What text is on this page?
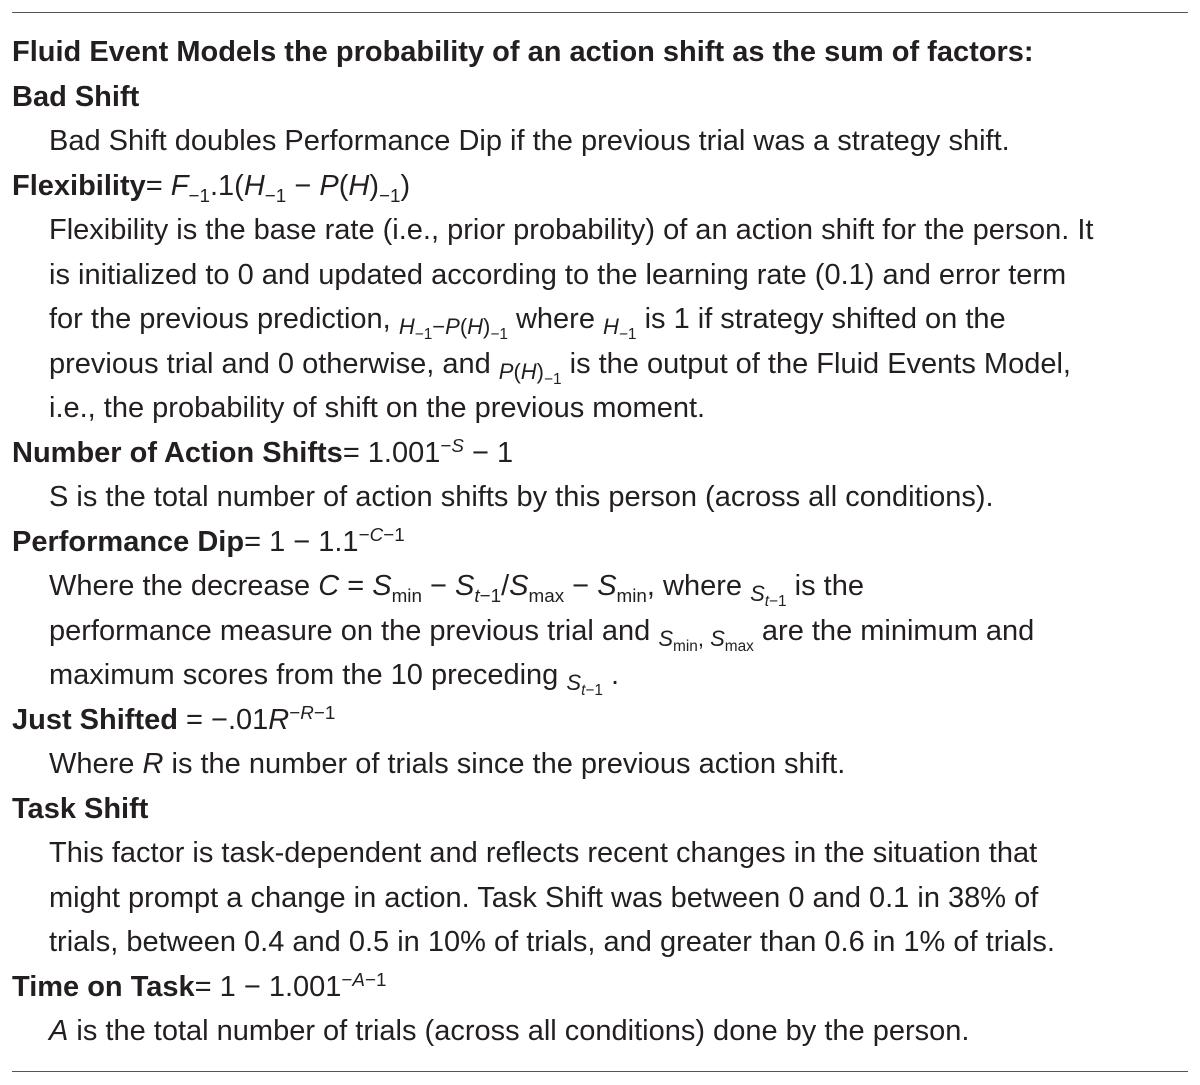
Fluid Event Models the probability of an action shift as the sum of factors:
Bad Shift
Bad Shift doubles Performance Dip if the previous trial was a strategy shift.
Flexibility= $F_{-1}.1(H_{-1} - P(H)_{-1})$
Flexibility is the base rate (i.e., prior probability) of an action shift for the person. It
is initialized to 0 and updated according to the learning rate (0.1) and error term
for the previous prediction, $_{H_{-1}-P(H)_{-1}}$ where $_{H_{-1}}$ is 1 if strategy shifted on the
previous trial and 0 otherwise, and $_{P(H)_{-1}}$ is the output of the Fluid Events Model,
i.e., the probability of shift on the previous moment.
Number of Action Shifts= $1.001^{-S} - 1$
S is the total number of action shifts by this person (across all conditions).
Performance $Dip= 1 - 1.1^{-C-1}$
Where the decrease $C = S_{min} - S_{t-1}/S_{max} - S_{min}$, where $_{S_{t-1}}$ is the
performance measure on the previous trial and $_{S_{min}, S_{max}}$ are the minimum and
maximum scores from the 10 preceding $_{S_{t-1}}$ .
Just Shifted = $-.01R^{-R-1}$
Where R is the number of trials since the previous action shift.
Task Shift
This factor is task-dependent and reflects recent changes in the situation that
might prompt a change in action. Task Shift was between 0 and 0.1 in 38% of
trials, between 0.4 and 0.5 in 10% of trials, and greater than 0.6 in 1% of trials.
Time on Task= $1 - 1.001^{-A-1}$
A is the total number of trials (across all conditions) done by the person.
